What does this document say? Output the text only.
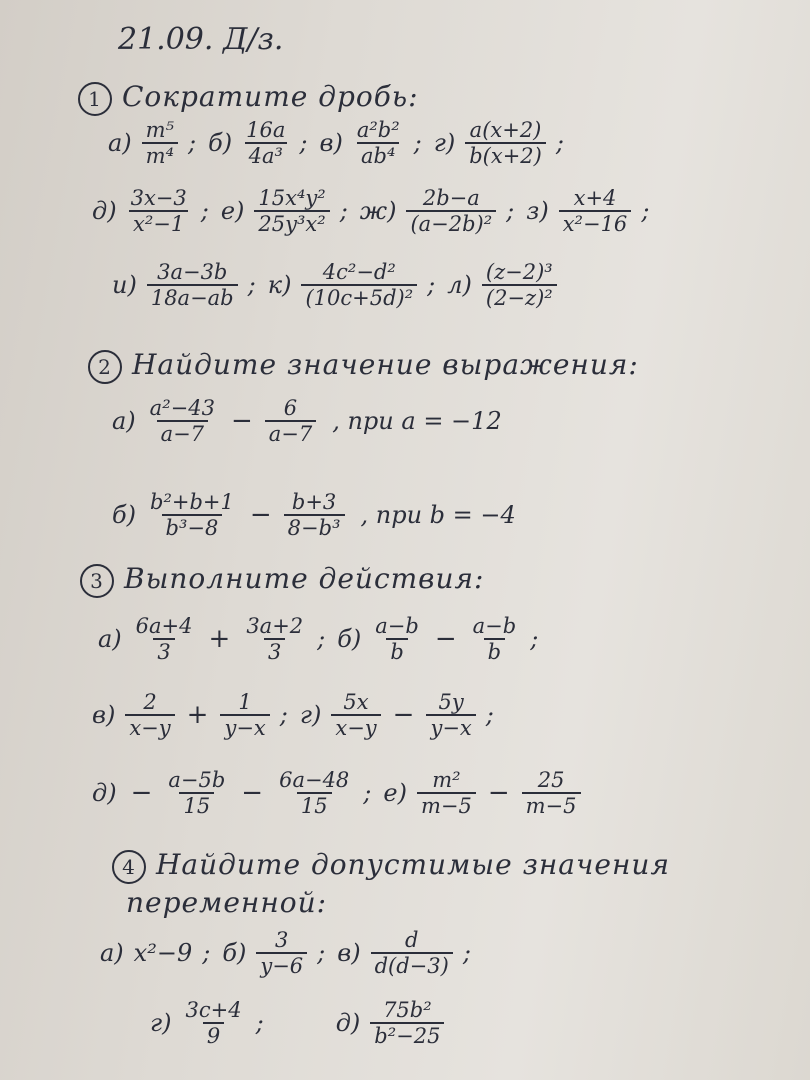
21.09. Д/з.
1 Сократите дробь:
$а) \frac{\text{m⁵}}{\text{m⁴}}$ ; $б) \frac{16a}{\text{4a³}}$ ; $в) \frac{\text{a²b²}}{\text{ab⁴}}$ ; $г) \frac{a(x+2)}{b(x+2)}$ ;
$д) \frac{3x-3}{\text{x²−1}}$ ; $е) \frac{\text{15x⁴y²}}{\text{25y³x²}}$ ; $ж) \frac{2b-a}{\text{(a−2b)²}}$ ; $з) \frac{x+4}{\text{x²−16}}$ ;
$и) \frac{3a-3b}{18a-ab}$ ; $к) \frac{\text{4c²−d²}}{\text{(10c+5d)²}}$ ; $л) \frac{\text{(z−2)³}}{\text{(2−z)²}}$
2 Найдите значение выражения:
$а) \frac{\text{a²−43}}{a-7} - \frac{6}{a-7}$ , при a = −12
$б) \frac{\text{b²+b+1}}{\text{b³−8}} - \frac{b+3}{\text{8−b³}}$ , при b = −4
3 Выполните действия:
$а) \frac{6a+4}{3} + \frac{3a+2}{3}$ ; $б) \frac{a-b}{b} - \frac{a-b}{b}$ ;
$в) \frac{2}{x-y} + \frac{1}{y-x}$ ; $г) \frac{5x}{x-y} - \frac{5y}{y-x}$ ;
$д) - \frac{a-5b}{15} - \frac{6a-48}{15}$ ; $е) \frac{\text{m²}}{m-5} - \frac{25}{m-5}$
4 Найдите допустимые значения
переменной:
а) x²−9 ; $б) \frac{3}{y-6}$ ; $в) \frac{d}{d(d-3)}$ ;
$г) \frac{3c+4}{9}$ ;	$д) \frac{\text{75b²}}{\text{b²−25}}$
